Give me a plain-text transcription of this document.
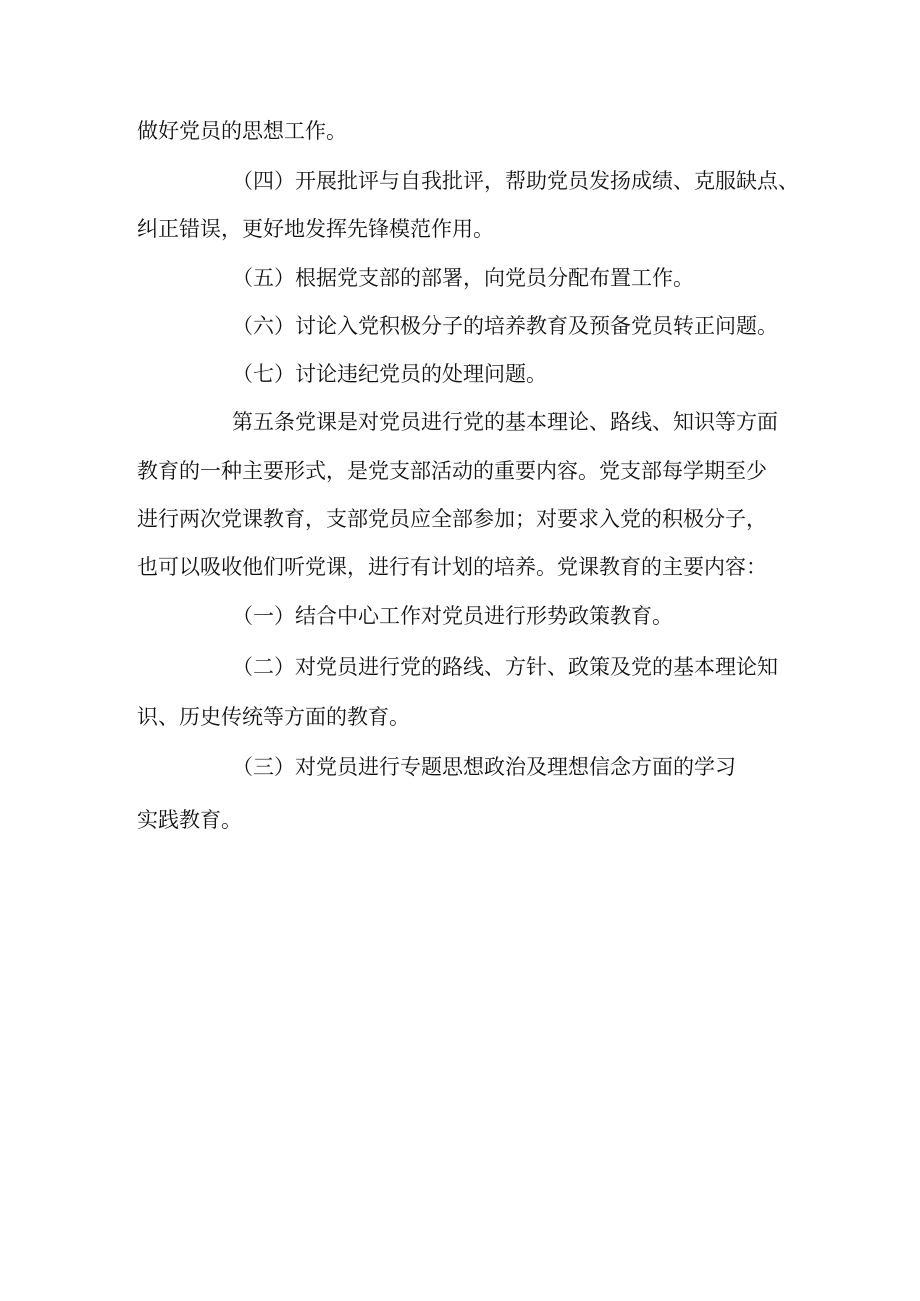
做好党员的思想工作。

（四）开展批评与自我批评，帮助党员发扬成绩、克服缺点、

纠正错误，更好地发挥先锋模范作用。

（五）根据党支部的部署，向党员分配布置工作。

（六）讨论入党积极分子的培养教育及预备党员转正问题。

（七）讨论违纪党员的处理问题。

第五条党课是对党员进行党的基本理论、路线、知识等方面

教育的一种主要形式，是党支部活动的重要内容。党支部每学期至少

进行两次党课教育，支部党员应全部参加；对要求入党的积极分子，

也可以吸收他们听党课，进行有计划的培养。党课教育的主要内容：

（一）结合中心工作对党员进行形势政策教育。

（二）对党员进行党的路线、方针、政策及党的基本理论知

识、历史传统等方面的教育。

（三）对党员进行专题思想政治及理想信念方面的学习

实践教育。
